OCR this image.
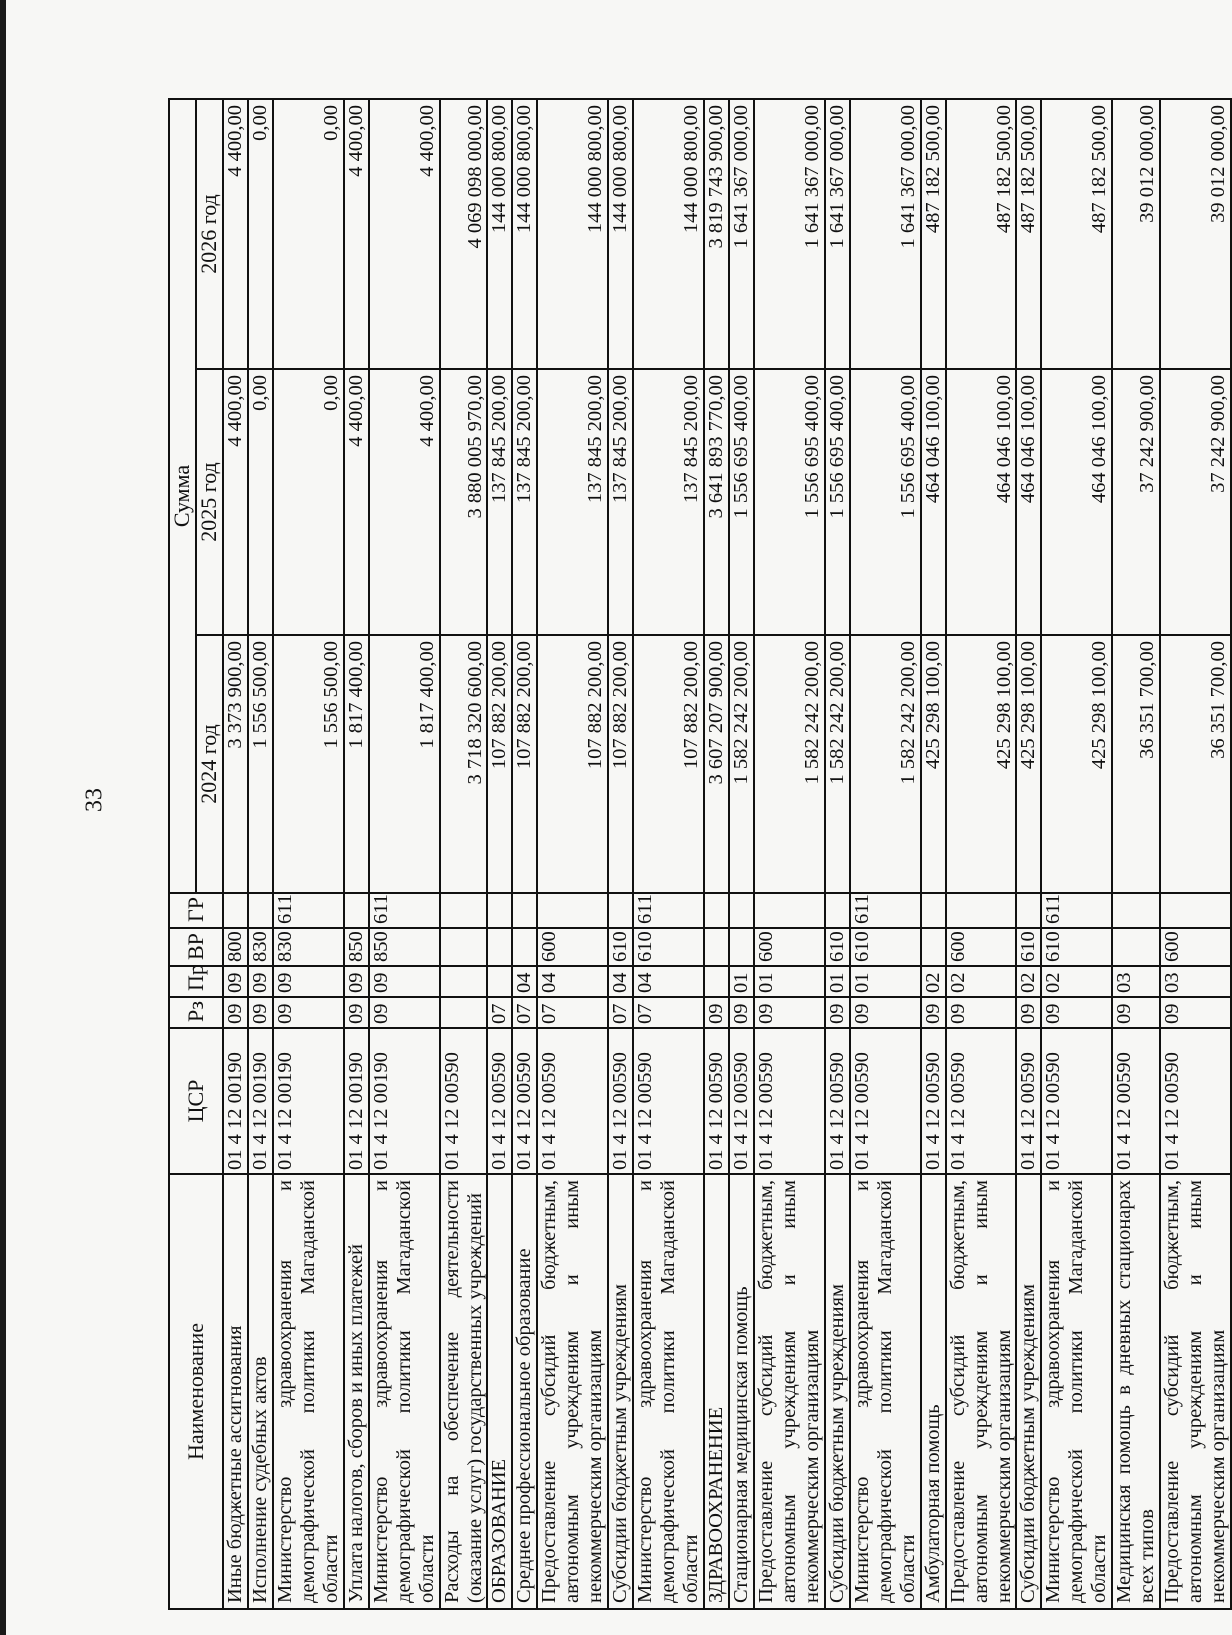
33
Наименование	ЦСР	Рз	Пр	ВР	ГР	Сумма		
						2024 год	2025 год	2026 год
Иные бюджетные ассигнования	01 4 12 00190	09	09	800		3 373 900,00	4 400,00	4 400,00
Исполнение судебных актов	01 4 12 00190	09	09	830		1 556 500,00	0,00	0,00
Министерство здравоохранения и демографической политики Магаданской области	01 4 12 00190	09	09	830	611	1 556 500,00	0,00	0,00
Уплата налогов, сборов и иных платежей	01 4 12 00190	09	09	850		1 817 400,00	4 400,00	4 400,00
Министерство здравоохранения и демографической политики Магаданской области	01 4 12 00190	09	09	850	611	1 817 400,00	4 400,00	4 400,00
Расходы на обеспечение деятельности (оказание услуг) государственных учреждений	01 4 12 00590					3 718 320 600,00	3 880 005 970,00	4 069 098 000,00
ОБРАЗОВАНИЕ	01 4 12 00590	07				107 882 200,00	137 845 200,00	144 000 800,00
Среднее профессиональное образование	01 4 12 00590	07	04			107 882 200,00	137 845 200,00	144 000 800,00
Предоставление субсидий бюджетным, автономным учреждениям и иным некоммерческим организациям	01 4 12 00590	07	04	600		107 882 200,00	137 845 200,00	144 000 800,00
Субсидии бюджетным учреждениям	01 4 12 00590	07	04	610		107 882 200,00	137 845 200,00	144 000 800,00
Министерство здравоохранения и демографической политики Магаданской области	01 4 12 00590	07	04	610	611	107 882 200,00	137 845 200,00	144 000 800,00
ЗДРАВООХРАНЕНИЕ	01 4 12 00590	09				3 607 207 900,00	3 641 893 770,00	3 819 743 900,00
Стационарная медицинская помощь	01 4 12 00590	09	01			1 582 242 200,00	1 556 695 400,00	1 641 367 000,00
Предоставление субсидий бюджетным, автономным учреждениям и иным некоммерческим организациям	01 4 12 00590	09	01	600		1 582 242 200,00	1 556 695 400,00	1 641 367 000,00
Субсидии бюджетным учреждениям	01 4 12 00590	09	01	610		1 582 242 200,00	1 556 695 400,00	1 641 367 000,00
Министерство здравоохранения и демографической политики Магаданской области	01 4 12 00590	09	01	610	611	1 582 242 200,00	1 556 695 400,00	1 641 367 000,00
Амбулаторная помощь	01 4 12 00590	09	02			425 298 100,00	464 046 100,00	487 182 500,00
Предоставление субсидий бюджетным, автономным учреждениям и иным некоммерческим организациям	01 4 12 00590	09	02	600		425 298 100,00	464 046 100,00	487 182 500,00
Субсидии бюджетным учреждениям	01 4 12 00590	09	02	610		425 298 100,00	464 046 100,00	487 182 500,00
Министерство здравоохранения и демографической политики Магаданской области	01 4 12 00590	09	02	610	611	425 298 100,00	464 046 100,00	487 182 500,00
Медицинская помощь в дневных стационарах всех типов	01 4 12 00590	09	03			36 351 700,00	37 242 900,00	39 012 000,00
Предоставление субсидий бюджетным, автономным учреждениям и иным некоммерческим организациям	01 4 12 00590	09	03	600		36 351 700,00	37 242 900,00	39 012 000,00
